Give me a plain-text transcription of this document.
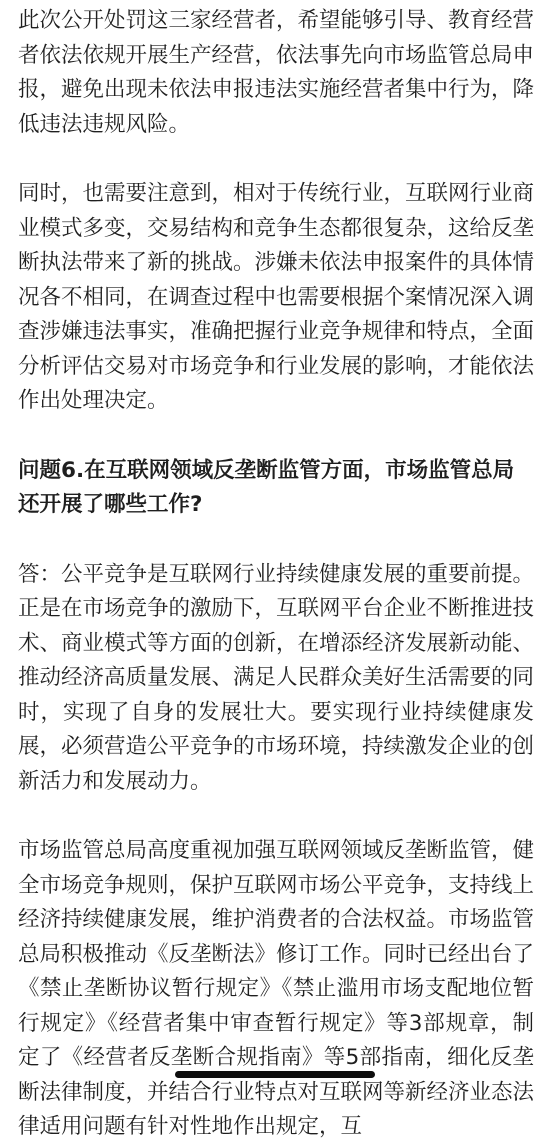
此次公开处罚这三家经营者，希望能够引导、教育经营者依法依规开展生产经营，依法事先向市场监管总局申报，避免出现未依法申报违法实施经营者集中行为，降低违法违规风险。

同时，也需要注意到，相对于传统行业，互联网行业商业模式多变，交易结构和竞争生态都很复杂，这给反垄断执法带来了新的挑战。涉嫌未依法申报案件的具体情况各不相同，在调查过程中也需要根据个案情况深入调查涉嫌违法事实，准确把握行业竞争规律和特点，全面分析评估交易对市场竞争和行业发展的影响，才能依法作出处理决定。

问题6.在互联网领域反垄断监管方面，市场监管总局还开展了哪些工作?

答：公平竞争是互联网行业持续健康发展的重要前提。正是在市场竞争的激励下，互联网平台企业不断推进技术、商业模式等方面的创新，在增添经济发展新动能、推动经济高质量发展、满足人民群众美好生活需要的同时，实现了自身的发展壮大。要实现行业持续健康发展，必须营造公平竞争的市场环境，持续激发企业的创新活力和发展动力。

市场监管总局高度重视加强互联网领域反垄断监管，健全市场竞争规则，保护互联网市场公平竞争，支持线上经济持续健康发展，维护消费者的合法权益。市场监管总局积极推动《反垄断法》修订工作。同时已经出台了《禁止垄断协议暂行规定》《禁止滥用市场支配地位暂行规定》《经营者集中审查暂行规定》等3部规章，制定了《经营者反垄断合规指南》等5部指南，细化反垄断法律制度，并结合行业特点对互联网等新经济业态法律适用问题有针对性地作出规定，互
